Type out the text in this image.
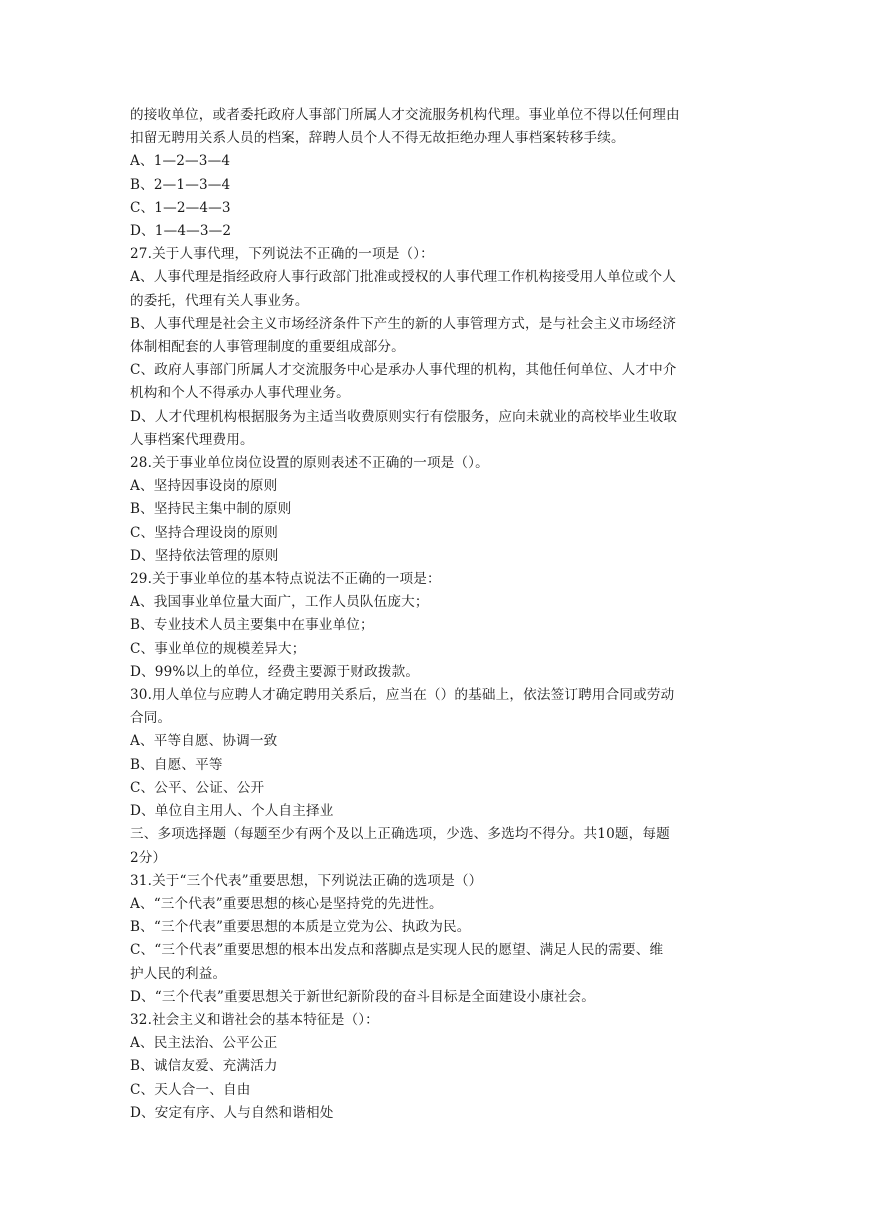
的接收单位，或者委托政府人事部门所属人才交流服务机构代理。事业单位不得以任何理由
扣留无聘用关系人员的档案，辞聘人员个人不得无故拒绝办理人事档案转移手续。
A、1—2—3—4
B、2—1—3—4
C、1—2—4—3
D、1—4—3—2
27.关于人事代理，下列说法不正确的一项是（）：
A、人事代理是指经政府人事行政部门批准或授权的人事代理工作机构接受用人单位或个人
的委托，代理有关人事业务。
B、人事代理是社会主义市场经济条件下产生的新的人事管理方式，是与社会主义市场经济
体制相配套的人事管理制度的重要组成部分。
C、政府人事部门所属人才交流服务中心是承办人事代理的机构，其他任何单位、人才中介
机构和个人不得承办人事代理业务。
D、人才代理机构根据服务为主适当收费原则实行有偿服务，应向未就业的高校毕业生收取
人事档案代理费用。
28.关于事业单位岗位设置的原则表述不正确的一项是（）。
A、坚持因事设岗的原则
B、坚持民主集中制的原则
C、坚持合理设岗的原则
D、坚持依法管理的原则
29.关于事业单位的基本特点说法不正确的一项是：
A、我国事业单位量大面广，工作人员队伍庞大；
B、专业技术人员主要集中在事业单位；
C、事业单位的规模差异大；
D、99%以上的单位，经费主要源于财政拨款。
30.用人单位与应聘人才确定聘用关系后，应当在（）的基础上，依法签订聘用合同或劳动
合同。
A、平等自愿、协调一致
B、自愿、平等
C、公平、公证、公开
D、单位自主用人、个人自主择业
三、多项选择题（每题至少有两个及以上正确选项，少选、多选均不得分。共10题，每题
2分）
31.关于“三个代表”重要思想，下列说法正确的选项是（）
A、“三个代表”重要思想的核心是坚持党的先进性。
B、“三个代表”重要思想的本质是立党为公、执政为民。
C、“三个代表”重要思想的根本出发点和落脚点是实现人民的愿望、满足人民的需要、维
护人民的利益。
D、“三个代表”重要思想关于新世纪新阶段的奋斗目标是全面建设小康社会。
32.社会主义和谐社会的基本特征是（）：
A、民主法治、公平公正
B、诚信友爱、充满活力
C、天人合一、自由
D、安定有序、人与自然和谐相处
